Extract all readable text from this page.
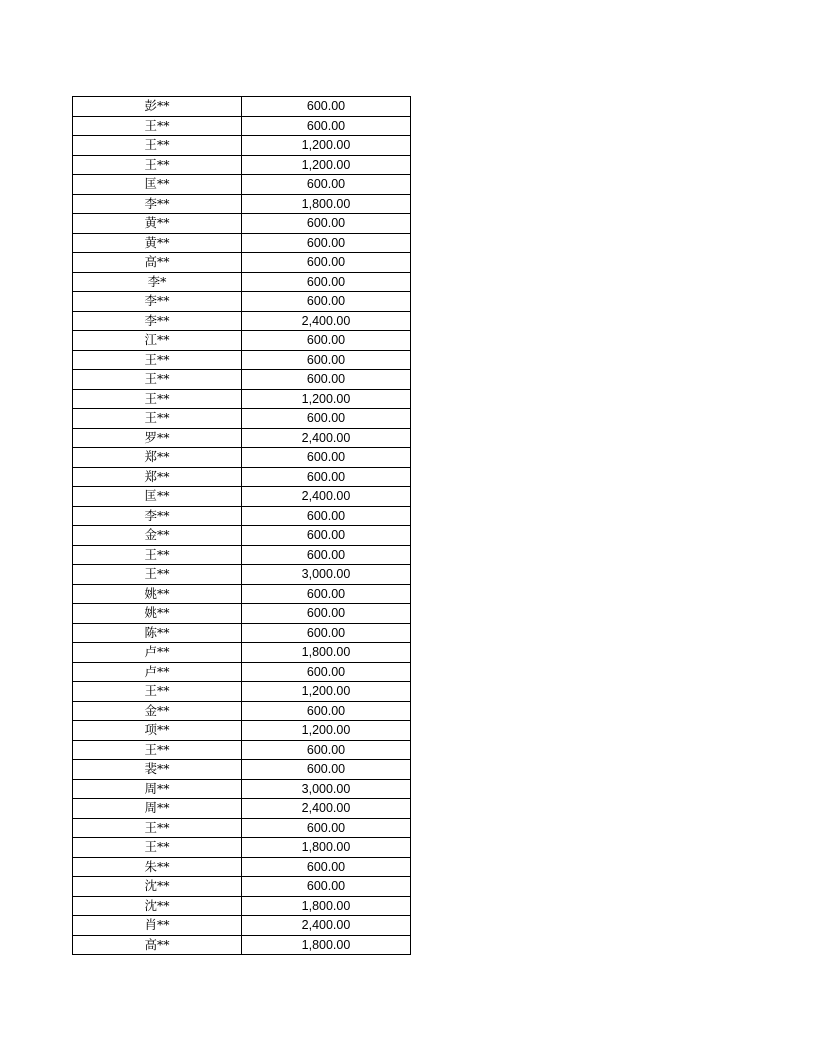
彭**	600.00
王**	600.00
王**	1,200.00
王**	1,200.00
匡**	600.00
李**	1,800.00
黄**	600.00
黄**	600.00
高**	600.00
李*	600.00
李**	600.00
李**	2,400.00
江**	600.00
王**	600.00
王**	600.00
王**	1,200.00
王**	600.00
罗**	2,400.00
郑**	600.00
郑**	600.00
匡**	2,400.00
李**	600.00
金**	600.00
王**	600.00
王**	3,000.00
姚**	600.00
姚**	600.00
陈**	600.00
卢**	1,800.00
卢**	600.00
王**	1,200.00
金**	600.00
项**	1,200.00
王**	600.00
裴**	600.00
周**	3,000.00
周**	2,400.00
王**	600.00
王**	1,800.00
朱**	600.00
沈**	600.00
沈**	1,800.00
肖**	2,400.00
高**	1,800.00
